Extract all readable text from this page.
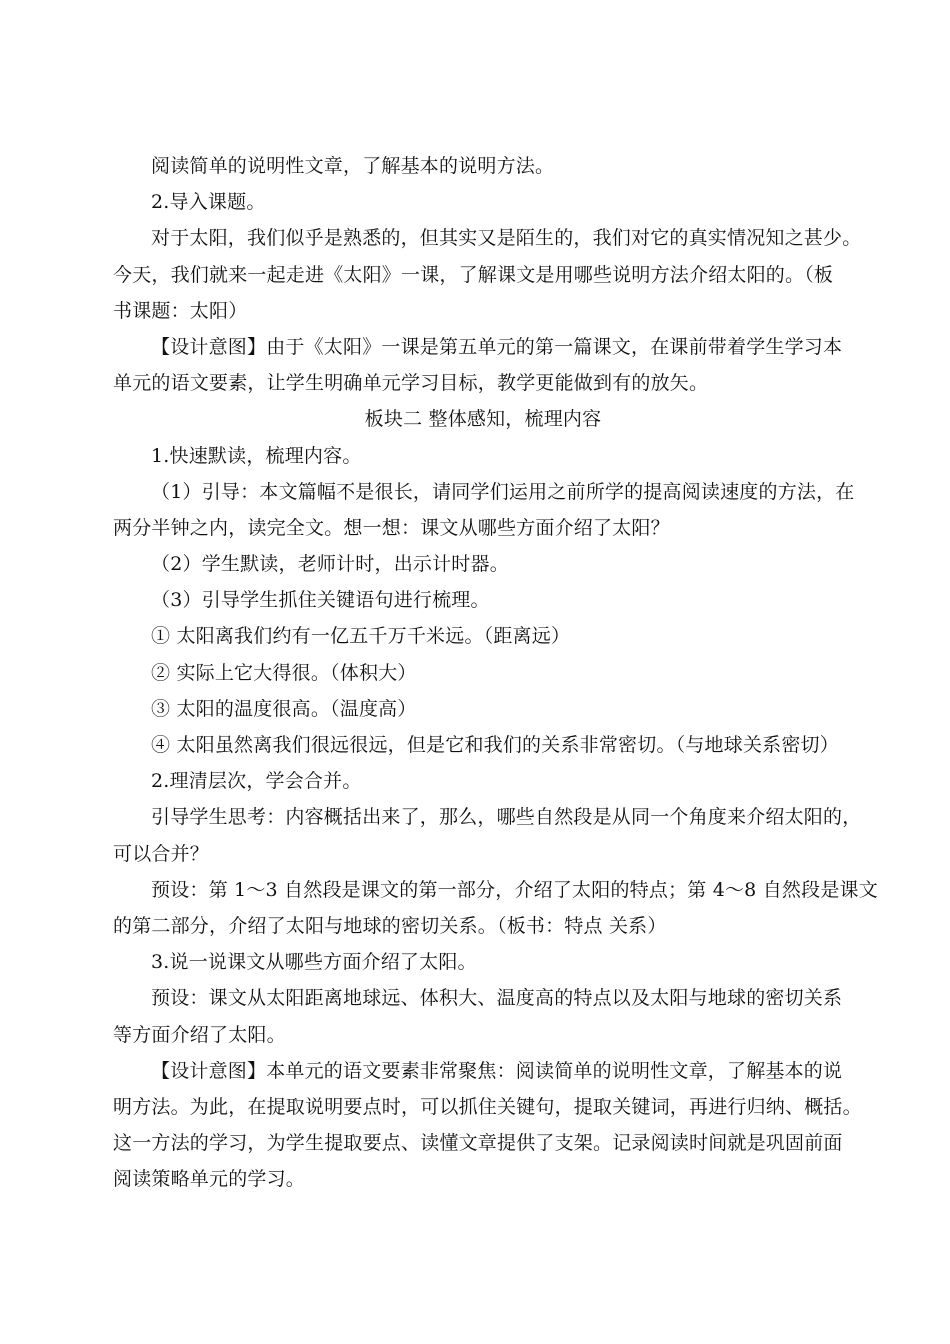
阅读简单的说明性文章，了解基本的说明方法。
2.导入课题。
对于太阳，我们似乎是熟悉的，但其实又是陌生的，我们对它的真实情况知之甚少。
今天，我们就来一起走进《太阳》一课，了解课文是用哪些说明方法介绍太阳的。（板
书课题：太阳）
【设计意图】由于《太阳》一课是第五单元的第一篇课文，在课前带着学生学习本
单元的语文要素，让学生明确单元学习目标，教学更能做到有的放矢。
板块二 整体感知，梳理内容
1.快速默读，梳理内容。
（1）引导：本文篇幅不是很长，请同学们运用之前所学的提高阅读速度的方法，在
两分半钟之内，读完全文。想一想：课文从哪些方面介绍了太阳？
（2）学生默读，老师计时，出示计时器。
（3）引导学生抓住关键语句进行梳理。
① 太阳离我们约有一亿五千万千米远。（距离远）
② 实际上它大得很。（体积大）
③ 太阳的温度很高。（温度高）
④ 太阳虽然离我们很远很远，但是它和我们的关系非常密切。（与地球关系密切）
2.理清层次，学会合并。
引导学生思考：内容概括出来了，那么，哪些自然段是从同一个角度来介绍太阳的，
可以合并？
预设：第 1～3 自然段是课文的第一部分，介绍了太阳的特点；第 4～8 自然段是课文
的第二部分，介绍了太阳与地球的密切关系。（板书：特点 关系）
3.说一说课文从哪些方面介绍了太阳。
预设：课文从太阳距离地球远、体积大、温度高的特点以及太阳与地球的密切关系
等方面介绍了太阳。
【设计意图】本单元的语文要素非常聚焦：阅读简单的说明性文章，了解基本的说
明方法。为此，在提取说明要点时，可以抓住关键句，提取关键词，再进行归纳、概括。
这一方法的学习，为学生提取要点、读懂文章提供了支架。记录阅读时间就是巩固前面
阅读策略单元的学习。
